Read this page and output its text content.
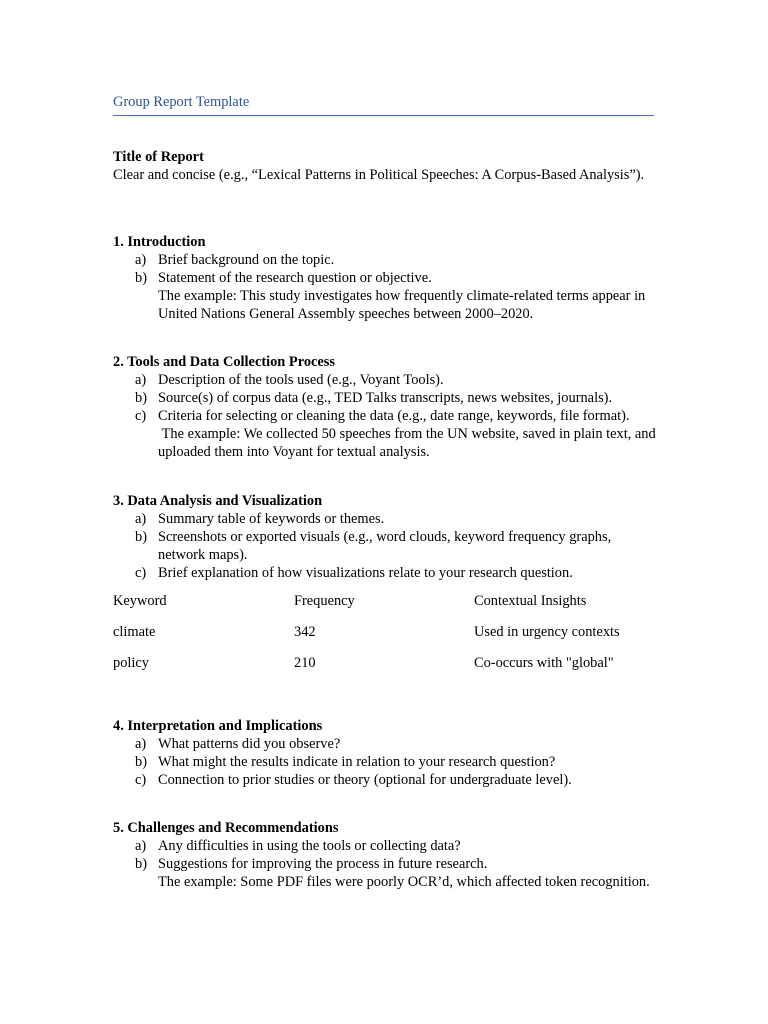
Group Report Template

Title of Report

Clear and concise (e.g., “Lexical Patterns in Political Speeches: A Corpus-Based Analysis”).

1. Introduction

a) Brief background on the topic.
b) Statement of the research question or objective.
The example: This study investigates how frequently climate-related terms appear in United Nations General Assembly speeches between 2000–2020.

2. Tools and Data Collection Process

a) Description of the tools used (e.g., Voyant Tools).
b) Source(s) of corpus data (e.g., TED Talks transcripts, news websites, journals).
c) Criteria for selecting or cleaning the data (e.g., date range, keywords, file format).
The example: We collected 50 speeches from the UN website, saved in plain text, and uploaded them into Voyant for textual analysis.

3. Data Analysis and Visualization

a) Summary table of keywords or themes.
b) Screenshots or exported visuals (e.g., word clouds, keyword frequency graphs, network maps).
c) Brief explanation of how visualizations relate to your research question.
Keyword	Frequency	Contextual Insights
climate	342	Used in urgency contexts
policy	210	Co-occurs with "global"

4. Interpretation and Implications

a) What patterns did you observe?
b) What might the results indicate in relation to your research question?
c) Connection to prior studies or theory (optional for undergraduate level).

5. Challenges and Recommendations

a) Any difficulties in using the tools or collecting data?
b) Suggestions for improving the process in future research.
The example: Some PDF files were poorly OCR’d, which affected token recognition.
